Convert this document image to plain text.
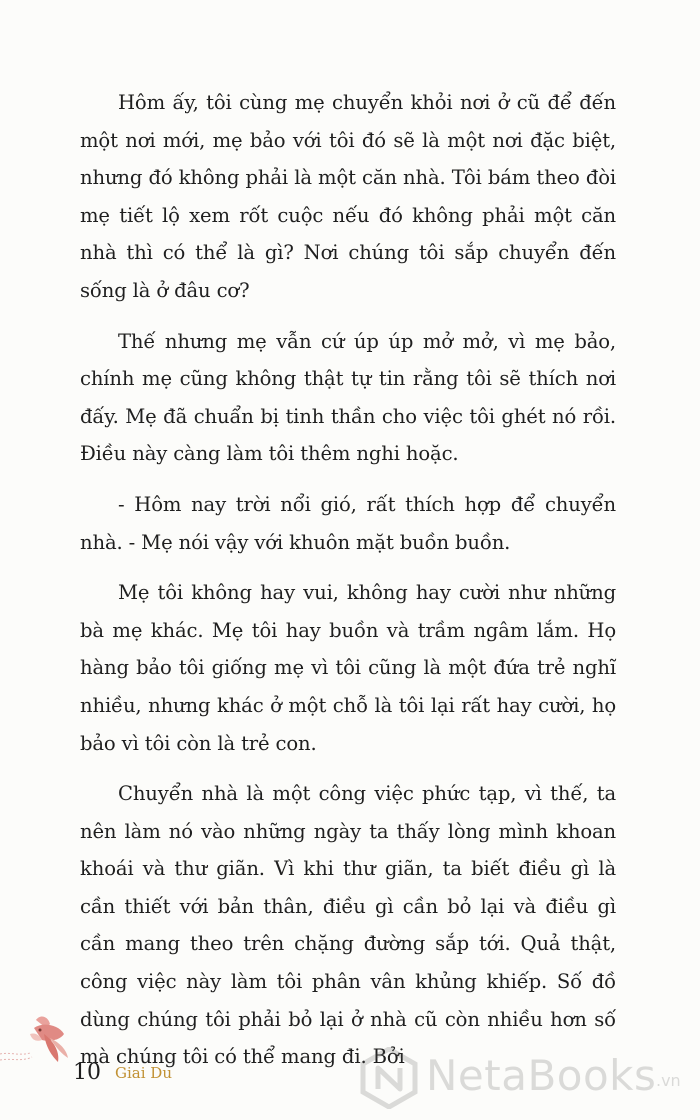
Hôm ấy, tôi cùng mẹ chuyển khỏi nơi ở cũ để đến một nơi mới, mẹ bảo với tôi đó sẽ là một nơi đặc biệt, nhưng đó không phải là một căn nhà. Tôi bám theo đòi mẹ tiết lộ xem rốt cuộc nếu đó không phải một căn nhà thì có thể là gì? Nơi chúng tôi sắp chuyển đến sống là ở đâu cơ?

Thế nhưng mẹ vẫn cứ úp úp mở mở, vì mẹ bảo, chính mẹ cũng không thật tự tin rằng tôi sẽ thích nơi đấy. Mẹ đã chuẩn bị tinh thần cho việc tôi ghét nó rồi. Điều này càng làm tôi thêm nghi hoặc.

- Hôm nay trời nổi gió, rất thích hợp để chuyển nhà. - Mẹ nói vậy với khuôn mặt buồn buồn.

Mẹ tôi không hay vui, không hay cười như những bà mẹ khác. Mẹ tôi hay buồn và trầm ngâm lắm. Họ hàng bảo tôi giống mẹ vì tôi cũng là một đứa trẻ nghĩ nhiều, nhưng khác ở một chỗ là tôi lại rất hay cười, họ bảo vì tôi còn là trẻ con.

Chuyển nhà là một công việc phức tạp, vì thế, ta nên làm nó vào những ngày ta thấy lòng mình khoan khoái và thư giãn. Vì khi thư giãn, ta biết điều gì là cần thiết với bản thân, điều gì cần bỏ lại và điều gì cần mang theo trên chặng đường sắp tới. Quả thật, công việc này làm tôi phân vân khủng khiếp. Số đồ dùng chúng tôi phải bỏ lại ở nhà cũ còn nhiều hơn số mà chúng tôi có thể mang đi. Bởi

10 Giai Du	NetaBooks .vn
